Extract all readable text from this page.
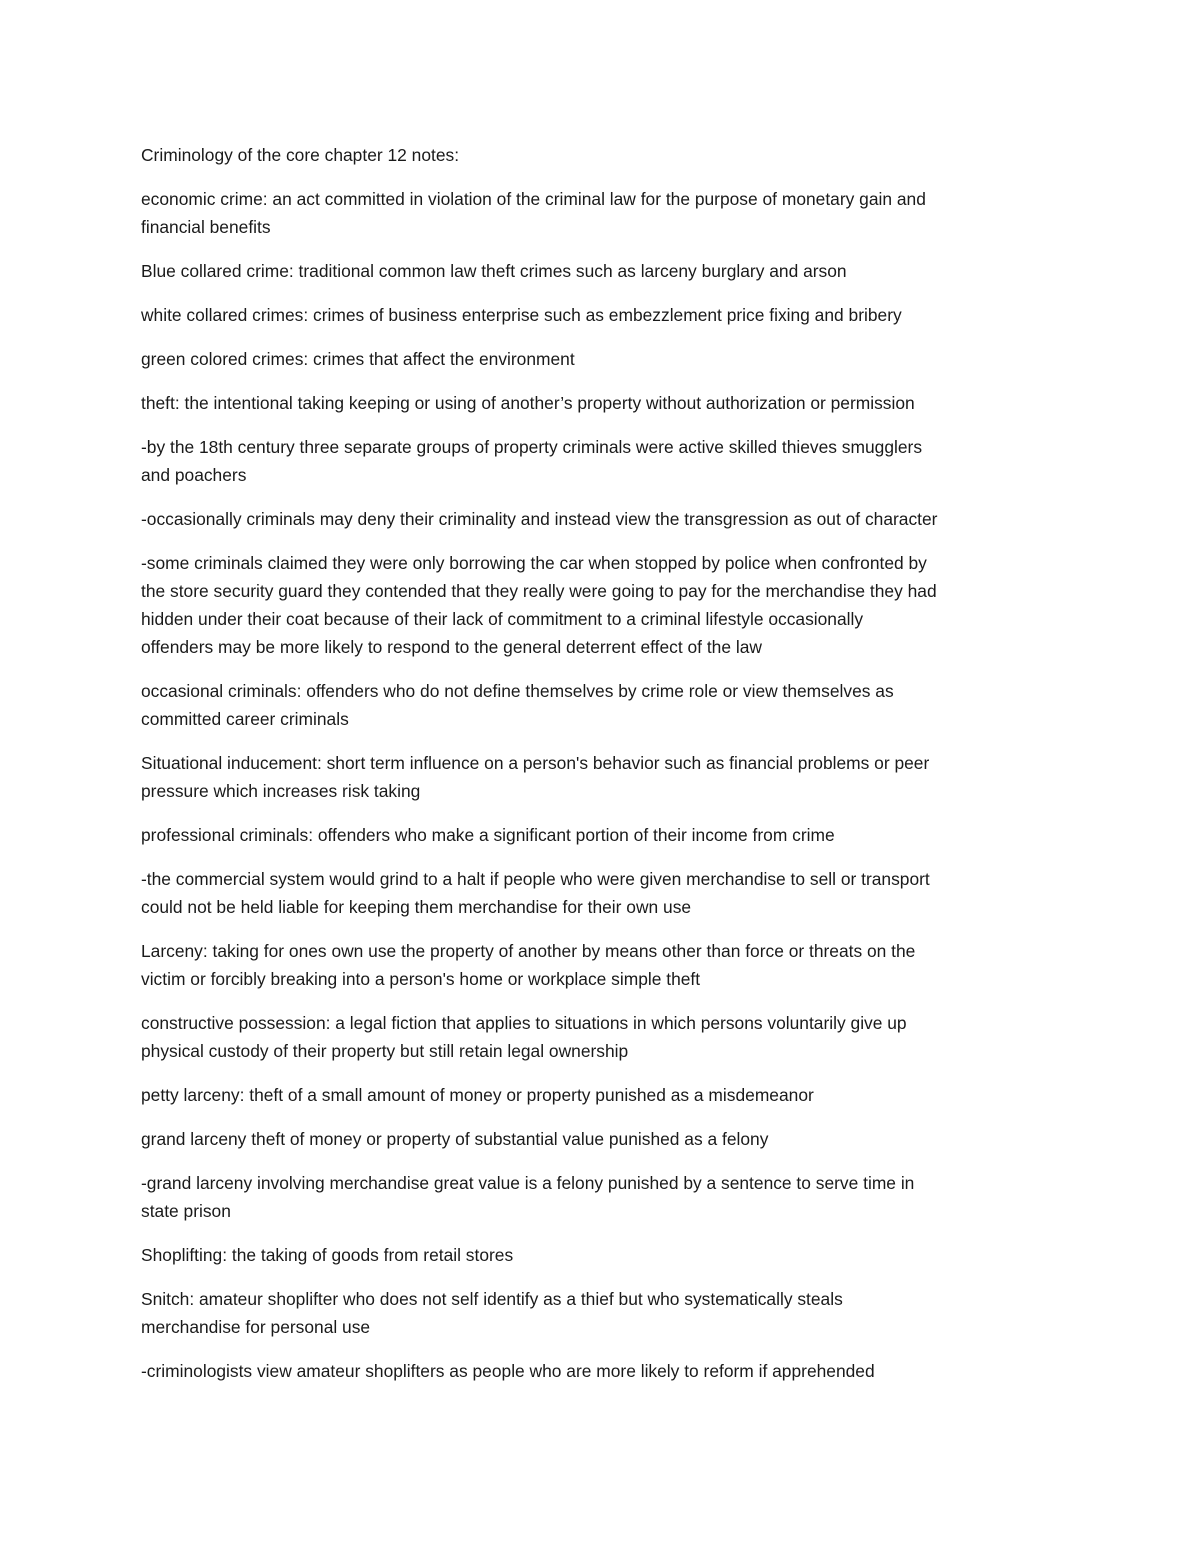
Criminology of the core chapter 12 notes:

economic crime: an act committed in violation of the criminal law for the purpose of monetary gain and
financial benefits

Blue collared crime: traditional common law theft crimes such as larceny burglary and arson

white collared crimes: crimes of business enterprise such as embezzlement price fixing and bribery

green colored crimes: crimes that affect the environment

theft: the intentional taking keeping or using of another’s property without authorization or permission

-by the 18th century three separate groups of property criminals were active skilled thieves smugglers
and poachers

-occasionally criminals may deny their criminality and instead view the transgression as out of character

-some criminals claimed they were only borrowing the car when stopped by police when confronted by
the store security guard they contended that they really were going to pay for the merchandise they had
hidden under their coat because of their lack of commitment to a criminal lifestyle occasionally
offenders may be more likely to respond to the general deterrent effect of the law

occasional criminals: offenders who do not define themselves by crime role or view themselves as
committed career criminals

Situational inducement: short term influence on a person's behavior such as financial problems or peer
pressure which increases risk taking

professional criminals: offenders who make a significant portion of their income from crime

-the commercial system would grind to a halt if people who were given merchandise to sell or transport
could not be held liable for keeping them merchandise for their own use

Larceny: taking for ones own use the property of another by means other than force or threats on the
victim or forcibly breaking into a person's home or workplace simple theft

constructive possession: a legal fiction that applies to situations in which persons voluntarily give up
physical custody of their property but still retain legal ownership

petty larceny: theft of a small amount of money or property punished as a misdemeanor

grand larceny theft of money or property of substantial value punished as a felony

-grand larceny involving merchandise great value is a felony punished by a sentence to serve time in
state prison

Shoplifting: the taking of goods from retail stores

Snitch: amateur shoplifter who does not self identify as a thief but who systematically steals
merchandise for personal use

-criminologists view amateur shoplifters as people who are more likely to reform if apprehended
